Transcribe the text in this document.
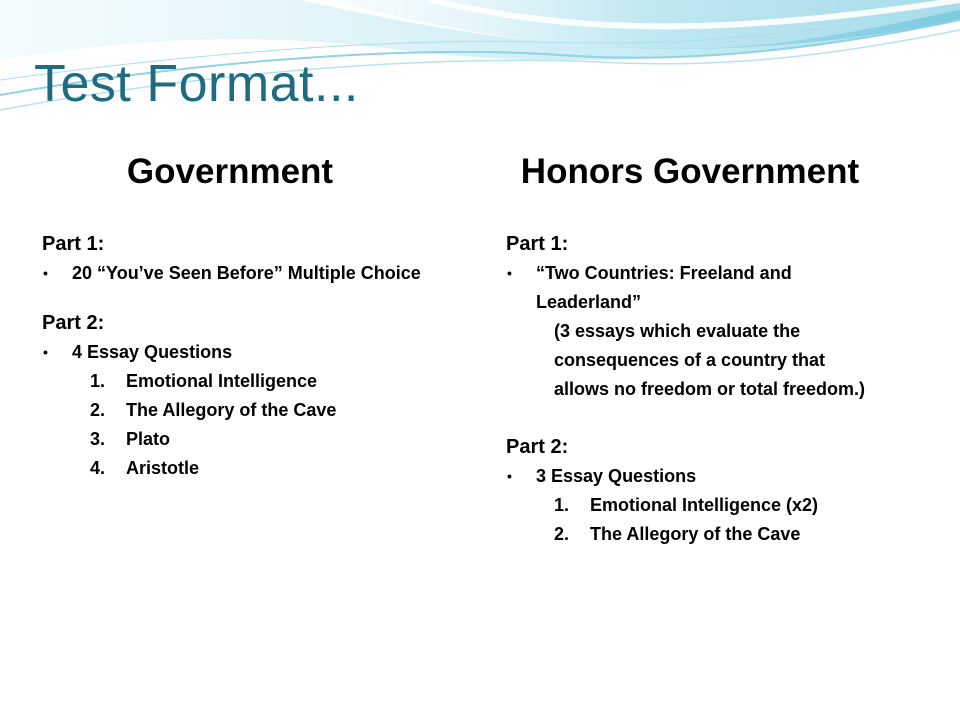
Test Format...
Government	Honors Government
Part 1:
• 20 “You’ve Seen Before” Multiple Choice
Part 2:
• 4 Essay Questions
1. Emotional Intelligence
2. The Allegory of the Cave
3. Plato
4. Aristotle
Part 1:
• “Two Countries: Freeland and Leaderland”
(3 essays which evaluate the consequences of a country that allows no freedom or total freedom.)
Part 2:
• 3 Essay Questions
1. Emotional Intelligence (x2)
2. The Allegory of the Cave
